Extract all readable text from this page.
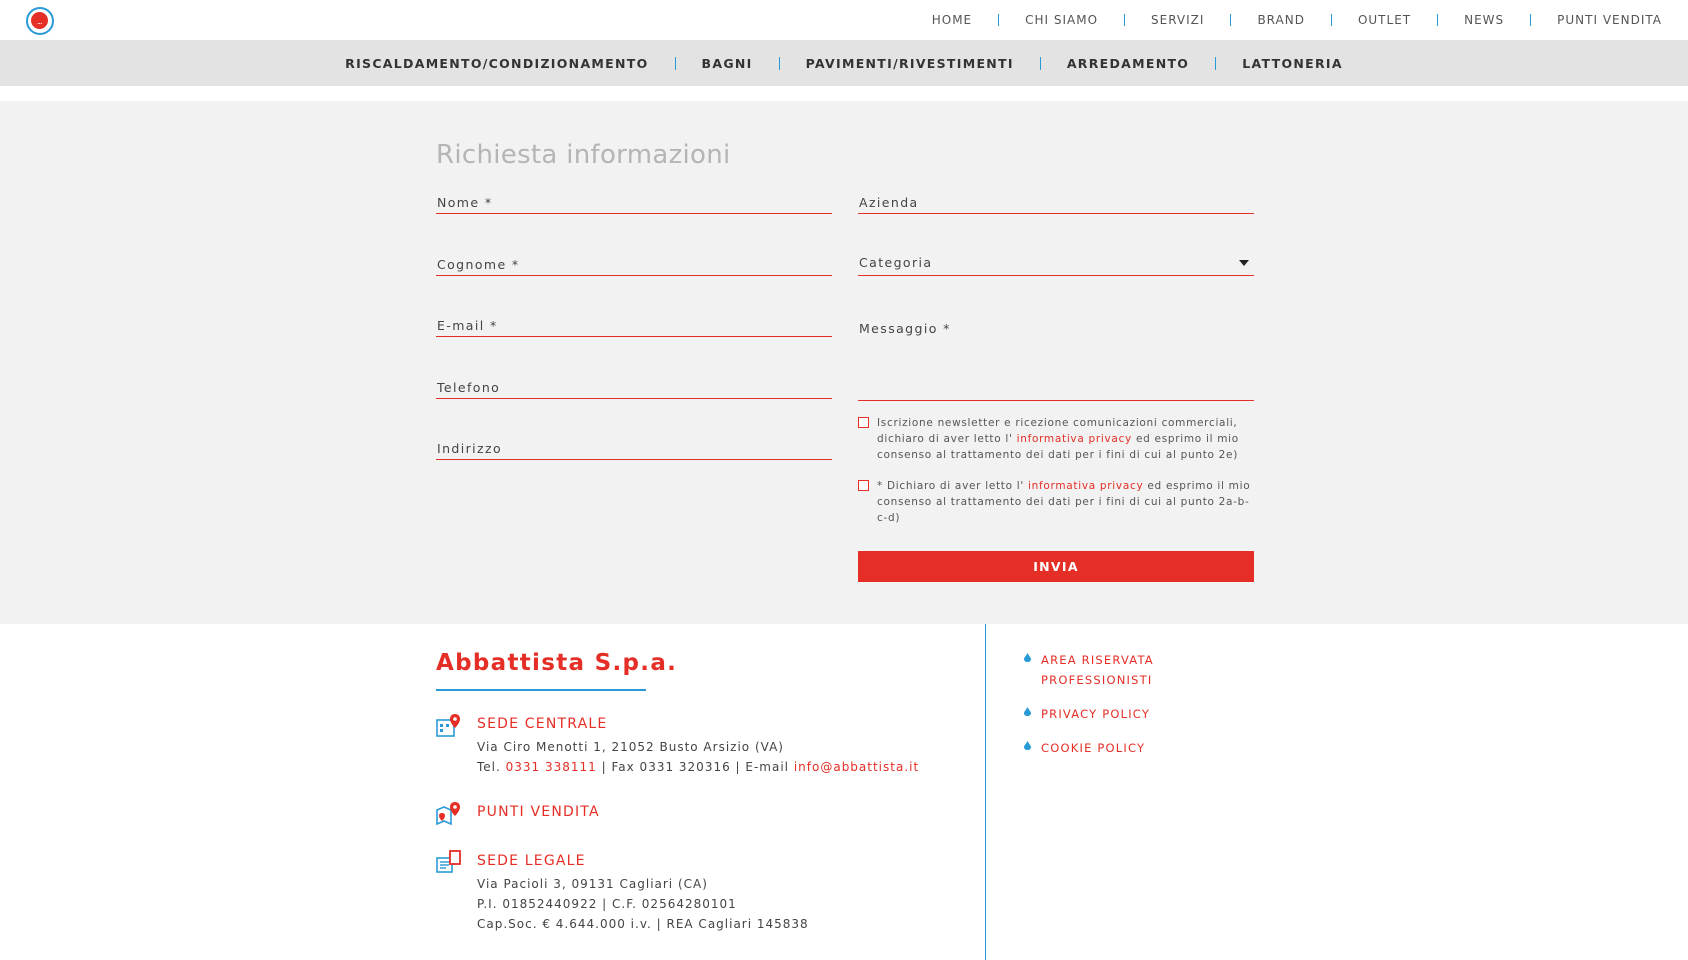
...
HOME	CHI SIAMO	SERVIZI	BRAND	OUTLET	NEWS	PUNTI VENDITA
RISCALDAMENTO/CONDIZIONAMENTO	BAGNI	PAVIMENTI/RIVESTIMENTI	ARREDAMENTO	LATTONERIA
Richiesta informazioni
Nome *
Cognome *
E-mail *
Telefono
Indirizzo
Azienda
Categoria
Messaggio *

Iscrizione newsletter e ricezione comunicazioni commerciali, dichiaro di aver letto l' informativa privacy ed esprimo il mio consenso al trattamento dei dati per i fini di cui al punto 2e)

* Dichiaro di aver letto l' informativa privacy ed esprimo il mio consenso al trattamento dei dati per i fini di cui al punto 2a-b-c-d)

INVIA
Abbattista S.p.a.
SEDE CENTRALE
Via Ciro Menotti 1, 21052 Busto Arsizio (VA)
Tel. 0331 338111 | Fax 0331 320316 | E-mail info@abbattista.it
PUNTI VENDITA
SEDE LEGALE
Via Pacioli 3, 09131 Cagliari (CA)
P.I. 01852440922 | C.F. 02564280101
Cap.Soc. € 4.644.000 i.v. | REA Cagliari 145838
AREA RISERVATA
PROFESSIONISTI
PRIVACY POLICY
COOKIE POLICY
